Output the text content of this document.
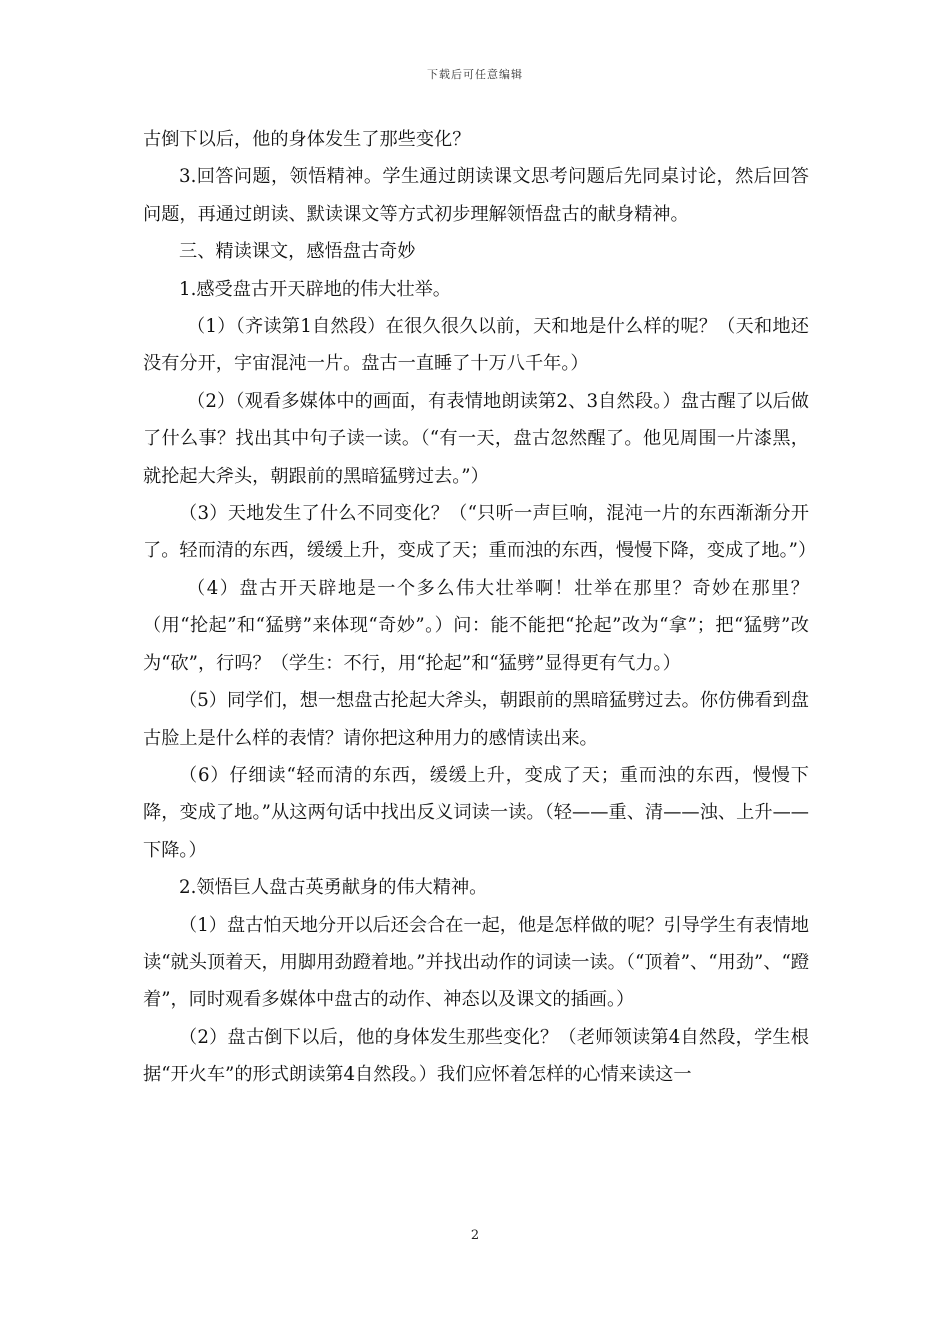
下载后可任意编辑

古倒下以后，他的身体发生了那些变化？

3.回答问题，领悟精神。学生通过朗读课文思考问题后先同桌讨论，然后回答问题，再通过朗读、默读课文等方式初步理解领悟盘古的献身精神。

三、精读课文，感悟盘古奇妙

1.感受盘古开天辟地的伟大壮举。

（1）（齐读第1自然段）在很久很久以前，天和地是什么样的呢？（天和地还没有分开，宇宙混沌一片。盘古一直睡了十万八千年。）

（2）（观看多媒体中的画面，有表情地朗读第2、3自然段。）盘古醒了以后做了什么事？找出其中句子读一读。（“有一天，盘古忽然醒了。他见周围一片漆黑，就抡起大斧头，朝跟前的黑暗猛劈过去。”）

（3）天地发生了什么不同变化？（“只听一声巨响，混沌一片的东西渐渐分开了。轻而清的东西，缓缓上升，变成了天；重而浊的东西，慢慢下降，变成了地。”）

（4）盘古开天辟地是一个多么伟大壮举啊！壮举在那里？奇妙在那里？（用“抡起”和“猛劈”来体现“奇妙”。）问：能不能把“抡起”改为“拿”；把“猛劈”改为“砍”，行吗？（学生：不行，用“抡起”和“猛劈”显得更有气力。）

（5）同学们，想一想盘古抡起大斧头，朝跟前的黑暗猛劈过去。你仿佛看到盘古脸上是什么样的表情？请你把这种用力的感情读出来。

（6）仔细读“轻而清的东西，缓缓上升，变成了天；重而浊的东西，慢慢下降，变成了地。”从这两句话中找出反义词读一读。（轻——重、清——浊、上升——下降。）

2.领悟巨人盘古英勇献身的伟大精神。

（1）盘古怕天地分开以后还会合在一起，他是怎样做的呢？引导学生有表情地读“就头顶着天，用脚用劲蹬着地。”并找出动作的词读一读。（“顶着”、“用劲”、“蹬着”，同时观看多媒体中盘古的动作、神态以及课文的插画。）

（2）盘古倒下以后，他的身体发生那些变化？（老师领读第4自然段，学生根据“开火车”的形式朗读第4自然段。）我们应怀着怎样的心情来读这一

2
